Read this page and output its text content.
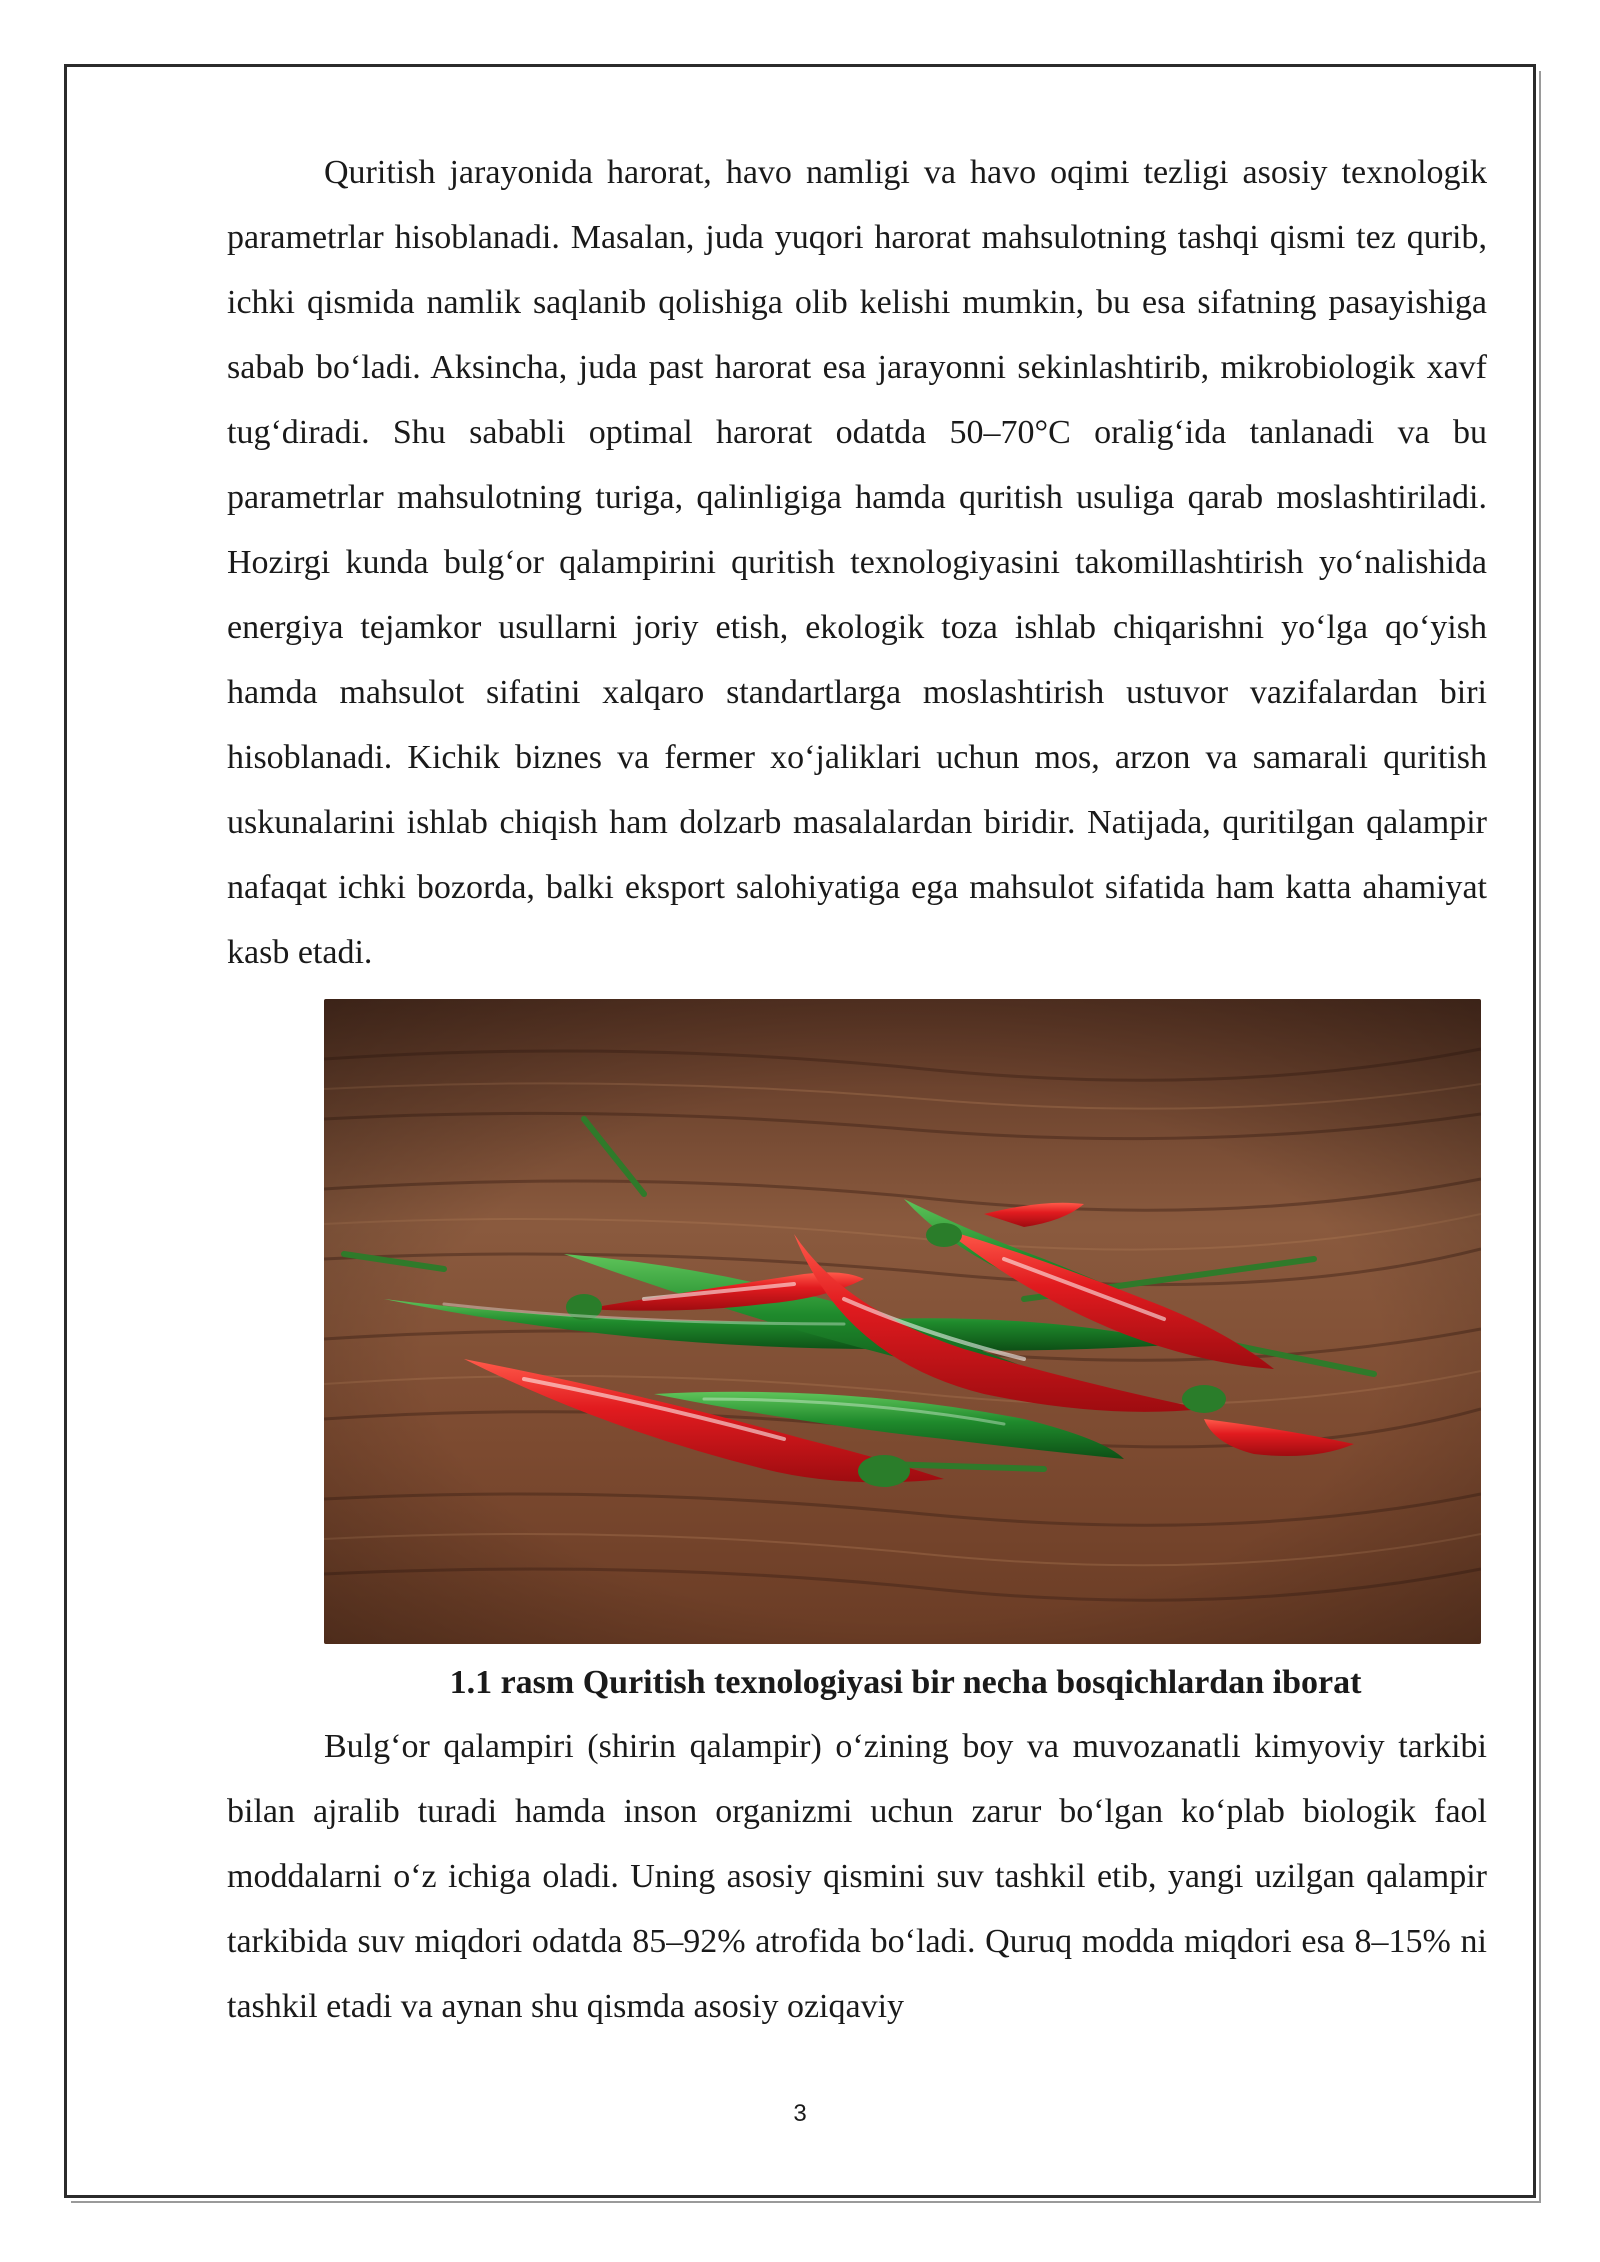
Quritish jarayonida harorat, havo namligi va havo oqimi tezligi asosiy texnologik parametrlar hisoblanadi. Masalan, juda yuqori harorat mahsulotning tashqi qismi tez qurib, ichki qismida namlik saqlanib qolishiga olib kelishi mumkin, bu esa sifatning pasayishiga sabab boʻladi. Aksincha, juda past harorat esa jarayonni sekinlashtirib, mikrobiologik xavf tugʻdiradi. Shu sababli optimal harorat odatda 50–70°C oraligʻida tanlanadi va bu parametrlar mahsulotning turiga, qalinligiga hamda quritish usuliga qarab moslashtiriladi. Hozirgi kunda bulgʻor qalampirini quritish texnologiyasini takomillashtirish yoʻnalishida energiya tejamkor usullarni joriy etish, ekologik toza ishlab chiqarishni yoʻlga qoʻyish hamda mahsulot sifatini xalqaro standartlarga moslashtirish ustuvor vazifalardan biri hisoblanadi. Kichik biznes va fermer xoʻjaliklari uchun mos, arzon va samarali quritish uskunalarini ishlab chiqish ham dolzarb masalalardan biridir. Natijada, quritilgan qalampir nafaqat ichki bozorda, balki eksport salohiyatiga ega mahsulot sifatida ham katta ahamiyat kasb etadi.

1.1 rasm Quritish texnologiyasi bir necha bosqichlardan iborat

Bulgʻor qalampiri (shirin qalampir) oʻzining boy va muvozanatli kimyoviy tarkibi bilan ajralib turadi hamda inson organizmi uchun zarur boʻlgan koʻplab biologik faol moddalarni oʻz ichiga oladi. Uning asosiy qismini suv tashkil etib, yangi uzilgan qalampir tarkibida suv miqdori odatda 85–92% atrofida boʻladi. Quruq modda miqdori esa 8–15% ni tashkil etadi va aynan shu qismda asosiy oziqaviy

3
